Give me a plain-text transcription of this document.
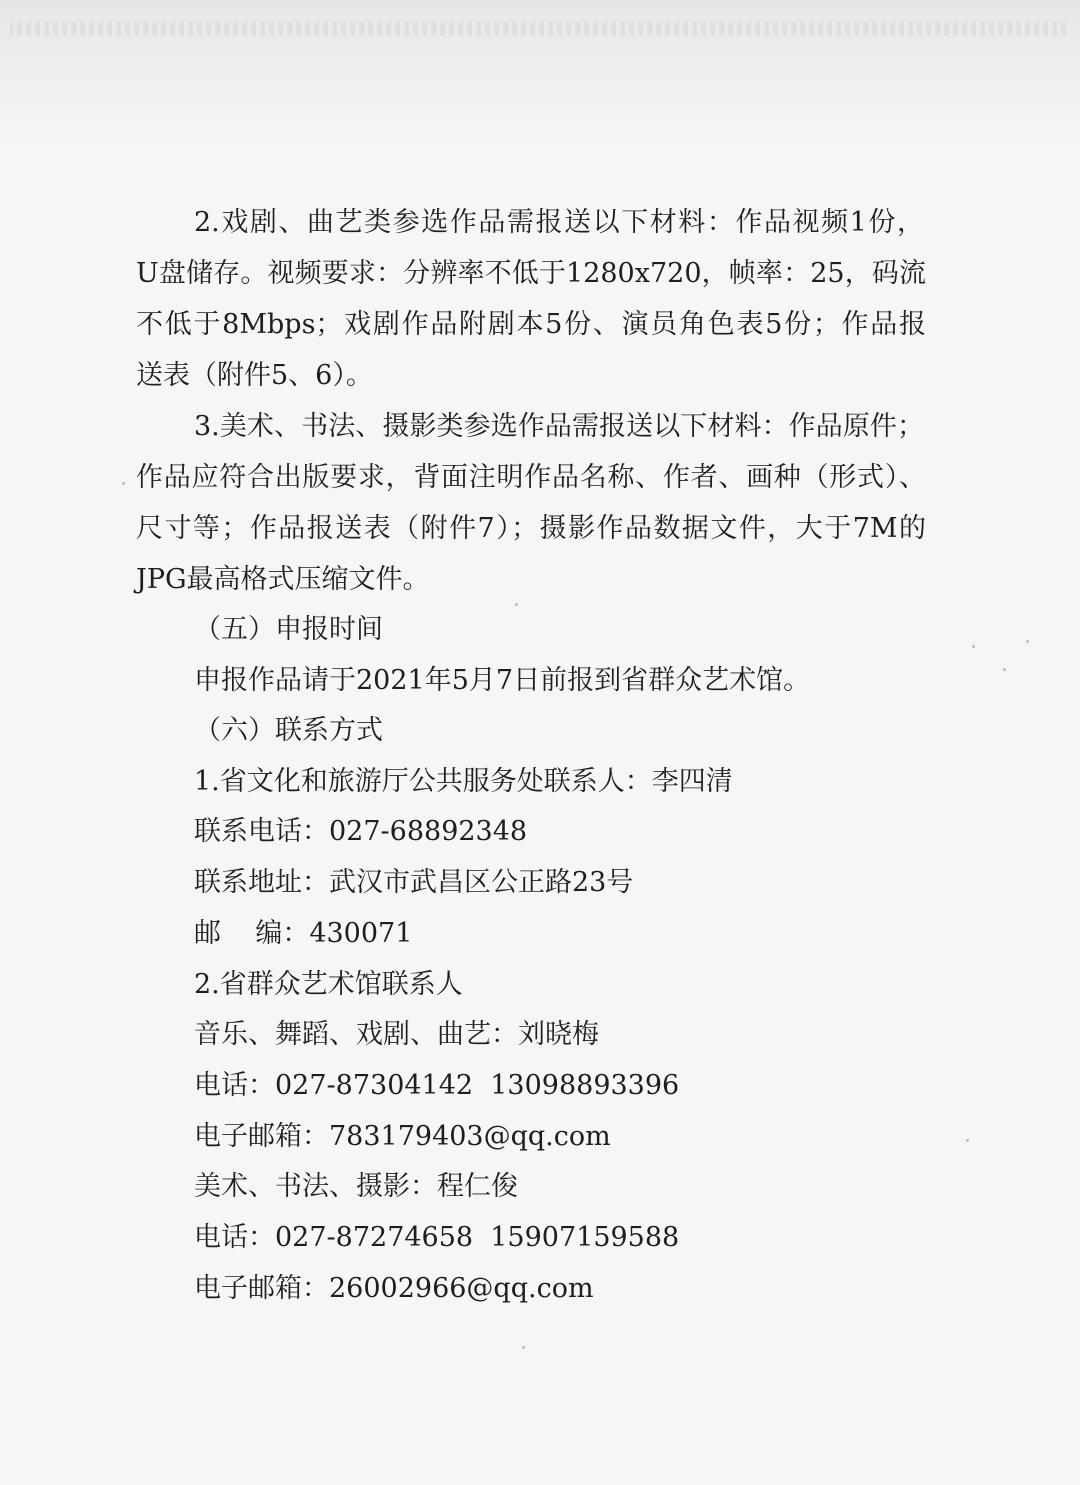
2.戏剧、曲艺类参选作品需报送以下材料：作品视频1份，
U盘储存。视频要求：分辨率不低于1280x720，帧率：25，码流
不低于8Mbps；戏剧作品附剧本5份、演员角色表5份；作品报
送表（附件5、6）。
3.美术、书法、摄影类参选作品需报送以下材料：作品原件；
作品应符合出版要求，背面注明作品名称、作者、画种（形式）、
尺寸等；作品报送表（附件7）；摄影作品数据文件，大于7M的
JPG最高格式压缩文件。
（五）申报时间
申报作品请于2021年5月7日前报到省群众艺术馆。
（六）联系方式
1.省文化和旅游厅公共服务处联系人：李四清
联系电话：027-68892348
联系地址：武汉市武昌区公正路23号
邮    编：430071
2.省群众艺术馆联系人
音乐、舞蹈、戏剧、曲艺：刘晓梅
电话：027-87304142  13098893396
电子邮箱：783179403@qq.com
美术、书法、摄影：程仁俊
电话：027-87274658  15907159588
电子邮箱：26002966@qq.com
